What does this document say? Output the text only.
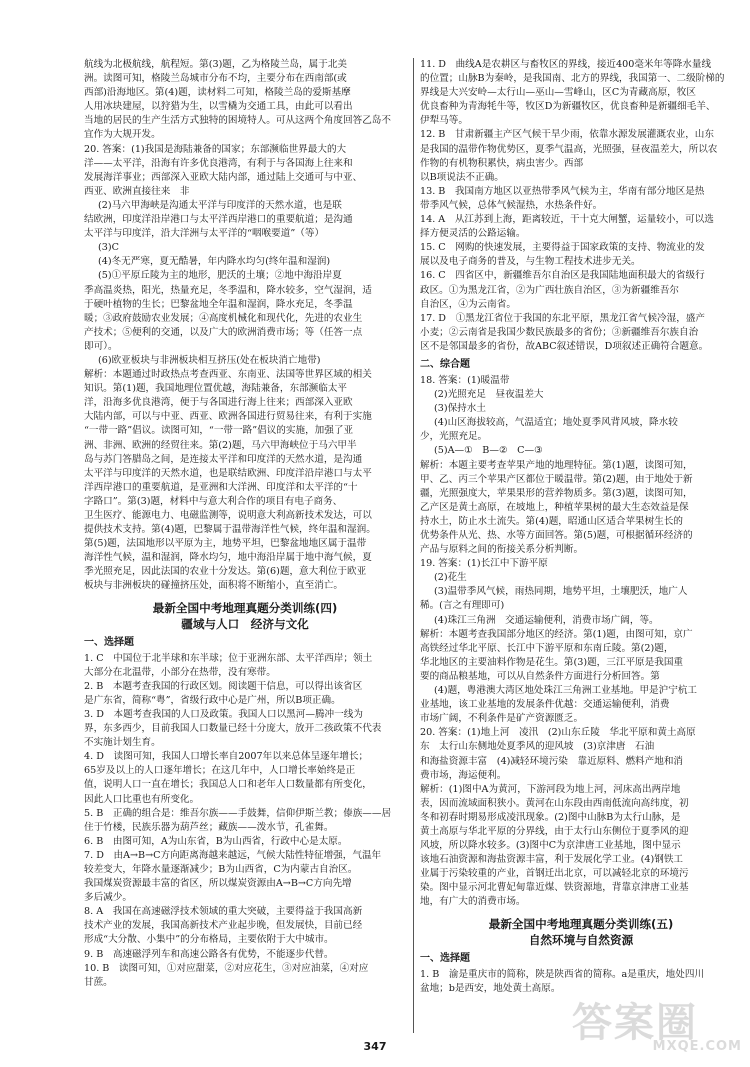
航线为北极航线，航程短。第(3)题，乙为格陵兰岛，属于北美

洲。读图可知，格陵兰岛城市分布不均，主要分布在西南部(或

西部)沿海地区。第(4)题，读材料二可知，格陵兰岛的爱斯基摩

人用冰块建屋，以狩猎为生，以雪橇为交通工具，由此可以看出

当地的居民的生产生活方式独特的困境特人。可从这两个角度回答乙岛不

宜作为大规开发。

20. 答案：(1)我国是海陆兼备的国家；东部濒临世界最大的大

洋——太平洋，沿海有许多优良港湾，有利于与各国海上往来和

发展海洋事业；西部深入亚欧大陆内部，通过陆上交通可与中亚、

西亚、欧洲直接往来　非

(2)马六甲海峡是沟通太平洋与印度洋的天然水道，也是联

结欧洲，印度洋沿岸港口与太平洋西岸港口的重要航道；是沟通

太平洋与印度洋，沿大洋洲与太平洋的“咽喉要道”（等）

(3)C

(4)冬无严寒，夏无酷暑，年内降水均匀(终年温和湿润)

(5)①平原丘陵为主的地形，肥沃的土壤；②地中海沿岸夏

季高温炎热，阳光，热量充足，冬季温和，降水较多，空气湿润，适

于硬叶植物的生长；巴黎盆地全年温和湿润，降水充足，冬季温

暖；③政府鼓励农业发展；④高度机械化和现代化，先进的农业生

产技术；⑤便利的交通，以及广大的欧洲消费市场；等（任答一点

即可）。

(6)欧亚板块与非洲板块相互挤压(处在板块消亡地带)

解析：本题通过时政热点考查西亚、东南亚、法国等世界区域的相关

知识。第(1)题，我国地理位置优越，海陆兼备，东部濒临太平

洋，沿海多优良港湾，便于与各国进行海上往来；西部深入亚欧

大陆内部，可以与中亚、西亚、欧洲各国进行贸易往来，有利于实施

“一带一路”倡议。读图可知，“一带一路”倡议的实施，加强了亚

洲、非洲、欧洲的经贸往来。第(2)题，马六甲海峡位于马六甲半

岛与苏门答腊岛之间，是连接太平洋和印度洋的天然水道，是沟通

太平洋与印度洋的天然水道，也是联结欧洲、印度洋沿岸港口与太平

洋西岸港口的重要航道，是亚洲和大洋洲、印度洋和太平洋的“十

字路口”。第(3)题，材料中与意大利合作的项目有电子商务、

卫生医疗、能源电力、电磁监测等，说明意大利高新技术发达，可以

提供技术支持。第(4)题，巴黎属于温带海洋性气候，终年温和湿润。

第(5)题，法国地形以平原为主，地势平坦，巴黎盆地地区属于温带

海洋性气候，温和湿润，降水均匀，地中海沿岸属于地中海气候，夏

季光照充足，因此法国的农业十分发达。第(6)题，意大利位于欧亚

板块与非洲板块的碰撞挤压处，面积将不断缩小，直至消亡。

最新全国中考地理真题分类训练(四)
疆域与人口　经济与文化
一、选择题

1. C　中国位于北半球和东半球；位于亚洲东部、太平洋西岸；领土

大部分在北温带，小部分在热带，没有寒带。

2. B　本题考查我国的行政区划。阅读题干信息，可以得出该省区

是广东省，简称“粤”，省级行政中心是广州，所以B项正确。

3. D　本题考查我国的人口及政策。我国人口以黑河—腾冲一线为

界，东多西少，目前我国人口数量已经十分庞大，放开二孩政策不代表

不实施计划生育。

4. D　读图可知，我国人口增长率自2007年以来总体呈逐年增长；

65岁及以上的人口逐年增长；在这几年中，人口增长率始终是正

值，说明人口一直在增长；我国总人口和老年人口数量都有所变化，

因此人口比重也有所变化。

5. B　正确的组合是：维吾尔族——手鼓舞，信仰伊斯兰教；傣族——居

住于竹楼，民族乐器为葫芦丝；藏族——泼水节，孔雀舞。

6. B　由图可知，A为山东省，B为山西省，行政中心是太原。

7. D　由A→B→C方向距离海越来越远，气候大陆性特征增强，气温年

较差变大，年降水量逐渐减少；B为山西省，C为内蒙古自治区。

我国煤炭资源最丰富的省区，所以煤炭资源由A→B→C方向先增

多后减少。

8. A　我国在高速磁浮技术领域的重大突破，主要得益于我国高新

技术产业的发展，我国高新技术产业起步晚，但发展快，目前已经

形成“大分散、小集中”的分布格局，主要依附于大中城市。

9. B　高速磁浮列车和高速公路各有优势，不能逐步代替。

10. B　读图可知，①对应甜菜，②对应花生，③对应油菜，④对应

甘蔗。

11. D　曲线A是农耕区与畜牧区的界线，接近400毫米年等降水量线

的位置；山脉B为秦岭，是我国南、北方的界线，我国第一、二级阶梯的

界线是大兴安岭—太行山—巫山—雪峰山，区C为青藏高原，牧区

优良畜种为青海牦牛等，牧区D为新疆牧区，优良畜种是新疆细毛羊、

伊犁马等。

12. B　甘肃新疆主产区气候干旱少雨，依靠水源发展灌溉农业，山东

是我国的温带作物优势区，夏季气温高，光照强，昼夜温差大，所以农

作物的有机物积累快，病虫害少。西部

以B项说法不正确。

13. B　我国南方地区以亚热带季风气候为主，华南有部分地区是热

带季风气候，总体气候湿热，水热条件好。

14. A　从江苏到上海，距离较近，干十克大闸蟹，运量较小，可以选

择方便灵活的公路运输。

15. C　网购的快速发展，主要得益于国家政策的支持、物流业的发

展以及电子商务的普及，与生物工程技术进步无关。

16. C　四省区中，新疆维吾尔自治区是我国陆地面积最大的省级行

政区。①为黑龙江省，②为广西壮族自治区，③为新疆维吾尔

自治区，④为云南省。

17. D　①黑龙江省位于我国的东北平原，黑龙江省气候冷湿，盛产

小麦；②云南省是我国少数民族最多的省份；③新疆维吾尔族自治

区不是邻国最多的省份，故ABC叙述错误，D项叙述正确符合题意。

二、综合题

18. 答案：(1)暖温带

(2)光照充足　昼夜温差大

(3)保持水土

(4)山区海拔较高，气温适宜；地处夏季风背风坡，降水较

少，光照充足。

(5)A—①　B—②　C—③

解析：本题主要考查苹果产地的地理特征。第(1)题，读图可知，

甲、乙、丙三个苹果产区都位于暖温带。第(2)题，由于地处于新

疆，光照强度大，苹果果形的营养物质多。第(3)题，读图可知，

乙产区是黄土高原，在坡地上，种植苹果树的最大生态效益是保

持水土，防止水土流失。第(4)题，昭通山区适合苹果树生长的

优势条件从光、热、水等方面回答。第(5)题，可根据循环经济的

产品与原料之间的衔接关系分析判断。

19. 答案：(1)长江中下游平原

(2)花生

(3)温带季风气候，雨热同期，地势平坦，土壤肥沃，地广人

稀。(言之有理即可)

(4)珠江三角洲　交通运输便利，消费市场广阔，等。

解析：本题考查我国部分地区的经济。第(1)题，由图可知，京广

高铁经过华北平原、长江中下游平原和东南丘陵。第(2)题，

华北地区的主要油料作物是花生。第(3)题，三江平原是我国重

要的商品粮基地，可以从自然条件方面进行分析回答。第

(4)题，粤港澳大湾区地处珠江三角洲工业基地。甲是沪宁杭工

业基地，该工业基地的发展条件优越：交通运输便利，消费

市场广阔，不利条件是矿产资源匮乏。

20. 答案：(1)地上河　凌汛　(2)山东丘陵　华北平原和黄土高原

东　太行山东侧地处夏季风的迎风坡　(3)京津唐　石油

和海盐资源丰富　(4)减轻环境污染　靠近原料、燃料产地和消

费市场，海运便利。

解析：(1)图中A为黄河，下游河段为地上河，河床高出两岸地

表，因而流域面积狭小。黄河在山东段由西南低流向高纬度，初

冬和初春时期易形成凌汛现象。(2)图中山脉B为太行山脉，是

黄土高原与华北平原的分界线，由于太行山东侧位于夏季风的迎

风坡，所以降水较多。(3)图中C为京津唐工业基地，图中显示

该地石油资源和海盐资源丰富，利于发展化学工业。(4)钢铁工

业属于污染较重的产业，首钢迁出北京，可以减轻北京的环境污

染。图中显示河北曹妃甸靠近煤、铁资源地，背靠京津唐工业基

地，有广大的消费市场。

最新全国中考地理真题分类训练(五)
自然环境与自然资源
一、选择题

1. B　渝是重庆市的简称，陕是陕西省的简称。a是重庆，地处四川

盆地；b是西安，地处黄土高原。

347
答案圈
MXQE.COM
